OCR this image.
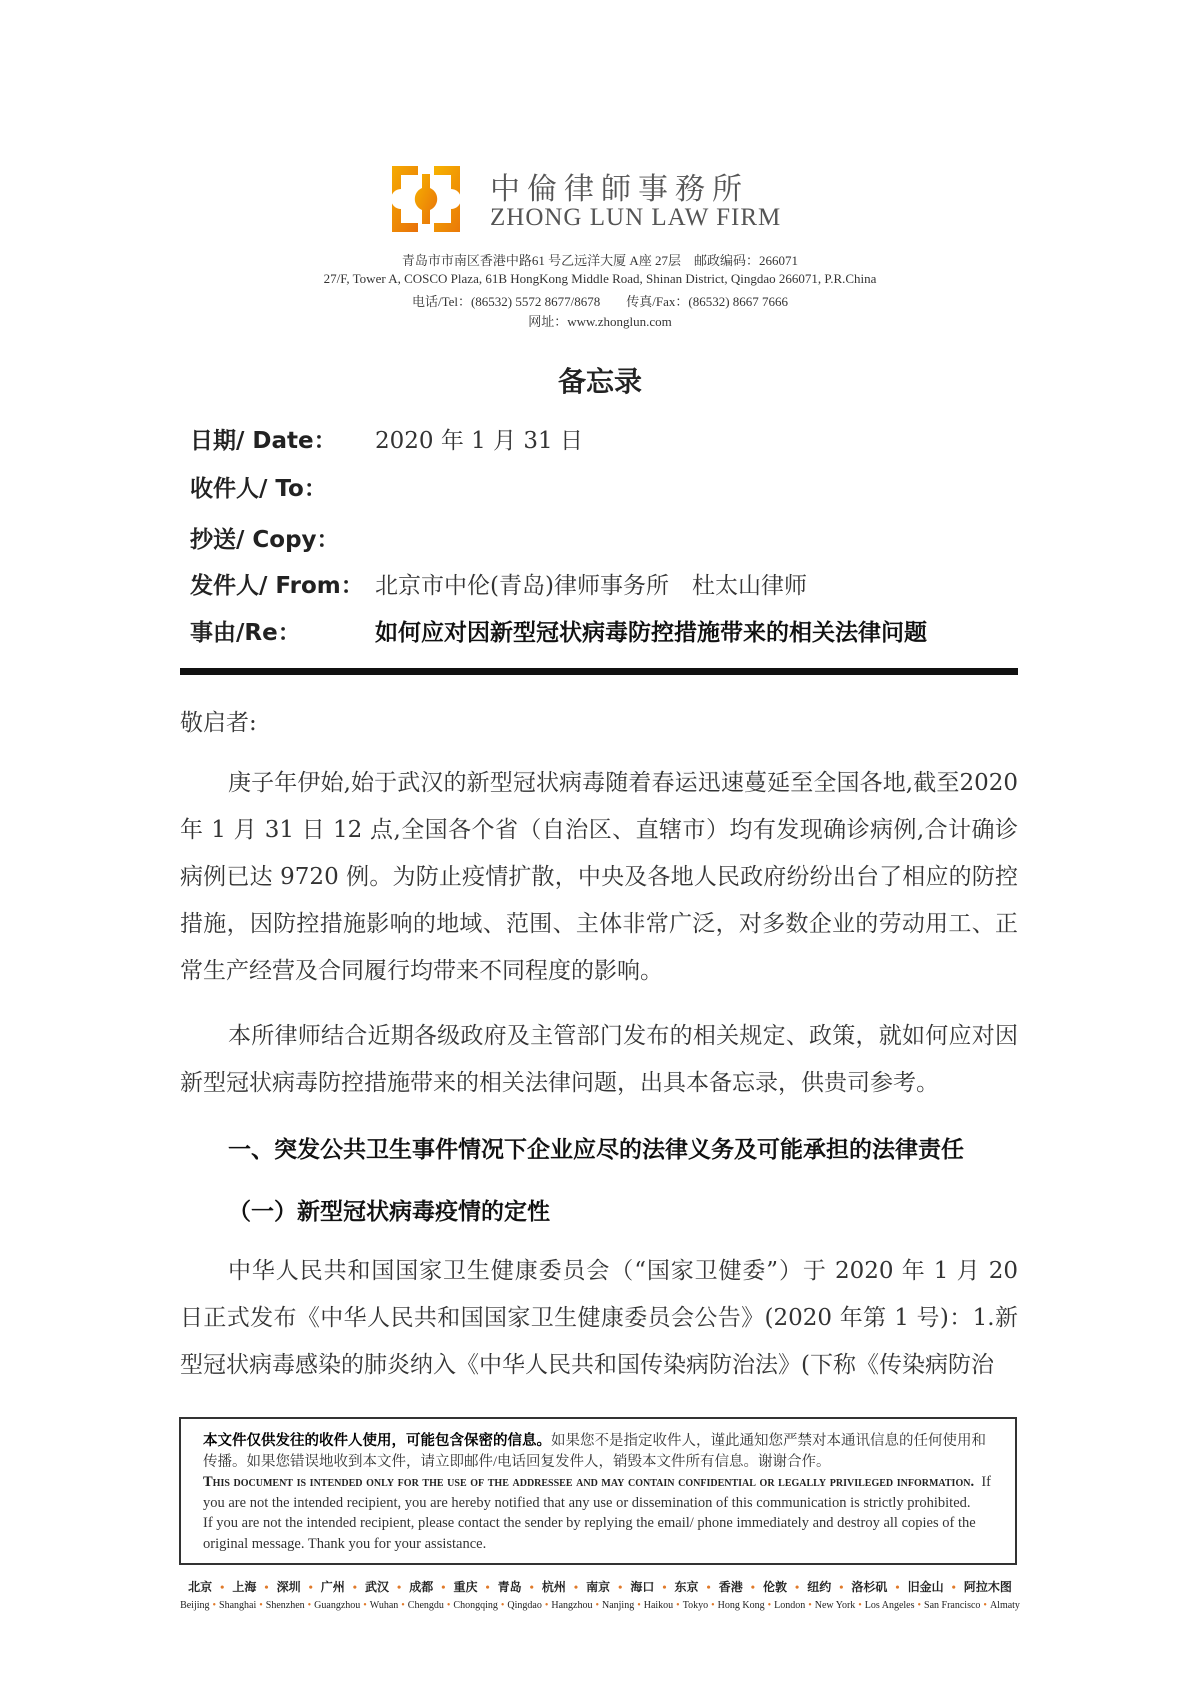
中倫律師事務所
ZHONG LUN LAW FIRM
青岛市市南区香港中路61 号乙远洋大厦 A座 27层　邮政编码：266071
27/F, Tower A, COSCO Plaza, 61B HongKong Middle Road, Shinan District, Qingdao 266071, P.R.China
电话/Tel：(86532) 5572 8677/8678　　传真/Fax：(86532) 8667 7666
网址：www.zhonglun.com
备忘录
日期/ Date：	2020 年 1 月 31 日
收件人/ To：
抄送/ Copy：
发件人/ From： 北京市中伦(青岛)律师事务所　杜太山律师
事由/Re：	如何应对因新型冠状病毒防控措施带来的相关法律问题
敬启者:
庚子年伊始,始于武汉的新型冠状病毒随着春运迅速蔓延至全国各地,截至2020 年 1 月 31 日 12 点,全国各个省（自治区、直辖市）均有发现确诊病例,合计确诊病例已达 9720 例。为防止疫情扩散，中央及各地人民政府纷纷出台了相应的防控措施，因防控措施影响的地域、范围、主体非常广泛，对多数企业的劳动用工、正常生产经营及合同履行均带来不同程度的影响。
本所律师结合近期各级政府及主管部门发布的相关规定、政策，就如何应对因新型冠状病毒防控措施带来的相关法律问题，出具本备忘录，供贵司参考。
一、突发公共卫生事件情况下企业应尽的法律义务及可能承担的法律责任
（一）新型冠状病毒疫情的定性
中华人民共和国国家卫生健康委员会（“国家卫健委”）于 2020 年 1 月 20 日正式发布《中华人民共和国国家卫生健康委员会公告》(2020 年第 1 号)：1.新型冠状病毒感染的肺炎纳入《中华人民共和国传染病防治法》(下称《传染病防治
本文件仅供发往的收件人使用，可能包含保密的信息。如果您不是指定收件人，谨此通知您严禁对本通讯信息的任何使用和传播。如果您错误地收到本文件，请立即邮件/电话回复发件人，销毁本文件所有信息。谢谢合作。
This document is intended only for the use of the addressee and may contain confidential or legally privileged information. If you are not the intended recipient, you are hereby notified that any use or dissemination of this communication is strictly prohibited.　If you are not the intended recipient, please contact the sender by replying the email/ phone immediately and destroy all copies of the original message. Thank you for your assistance.
北京 • 上海 • 深圳 • 广州 • 武汉 • 成都 • 重庆 • 青岛 • 杭州 • 南京 • 海口 • 东京 • 香港 • 伦敦 • 纽约 • 洛杉矶 • 旧金山 • 阿拉木图
Beijing • Shanghai • Shenzhen • Guangzhou • Wuhan • Chengdu • Chongqing • Qingdao • Hangzhou • Nanjing • Haikou • Tokyo • Hong Kong • London • New York • Los Angeles • San Francisco • Almaty
